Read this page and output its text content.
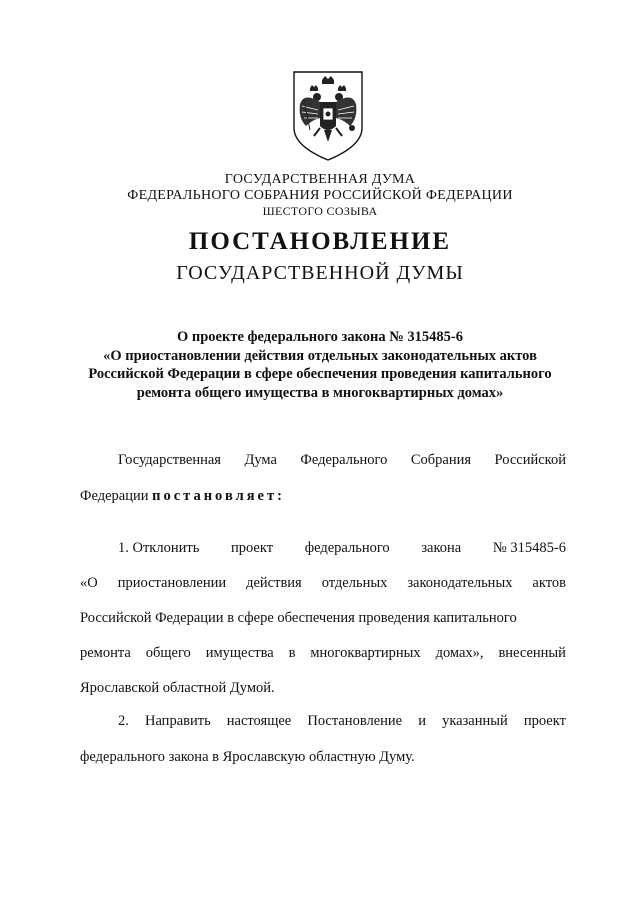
ГОСУДАРСТВЕННАЯ ДУМА
ФЕДЕРАЛЬНОГО СОБРАНИЯ РОССИЙСКОЙ ФЕДЕРАЦИИ
ШЕСТОГО СОЗЫВА
ПОСТАНОВЛЕНИЕ
ГОСУДАРСТВЕННОЙ ДУМЫ
О проекте федерального закона № 315485-6
«О приостановлении действия отдельных законодательных актов
Российской Федерации в сфере обеспечения проведения капитального
ремонта общего имущества в многоквартирных домах»
Государственная Дума Федерального Собрания Российской
Федерации постановляет:
1. Отклонить проект федерального закона № 315485-6
«О приостановлении действия отдельных законодательных актов
Российской Федерации в сфере обеспечения проведения капитального
ремонта общего имущества в многоквартирных домах», внесенный
Ярославской областной Думой.
2. Направить настоящее Постановление и указанный проект
федерального закона в Ярославскую областную Думу.
